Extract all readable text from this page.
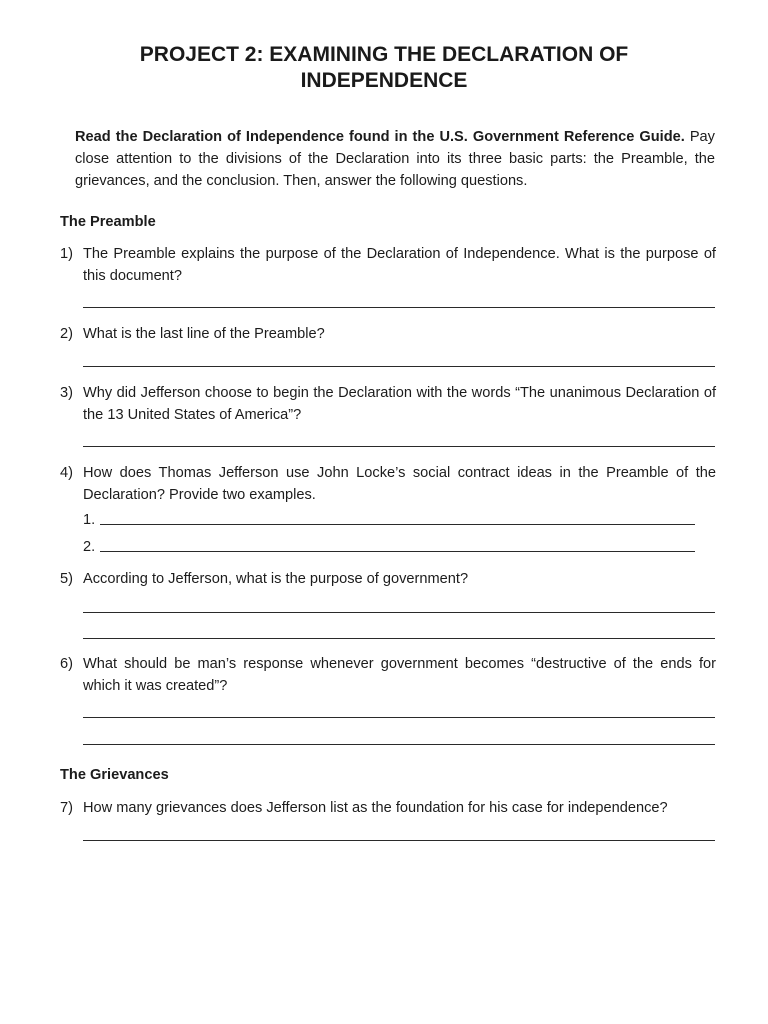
PROJECT 2: EXAMINING THE DECLARATION OF
INDEPENDENCE

Read the Declaration of Independence found in the U.S. Government Reference Guide. Pay close attention to the divisions of the Declaration into its three basic parts: the Preamble, the grievances, and the conclusion. Then, answer the following questions.

The Preamble
1) The Preamble explains the purpose of the Declaration of Independence. What is the purpose of this document?
2) What is the last line of the Preamble?
3) Why did Jefferson choose to begin the Declaration with the words “The unanimous Declaration of the 13 United States of America”?
4) How does Thomas Jefferson use John Locke’s social contract ideas in the Preamble of the Declaration? Provide two examples.
1.
2.
5) According to Jefferson, what is the purpose of government?
6) What should be man’s response whenever government becomes “destructive of the ends for which it was created”?
The Grievances
7) How many grievances does Jefferson list as the foundation for his case for independence?
